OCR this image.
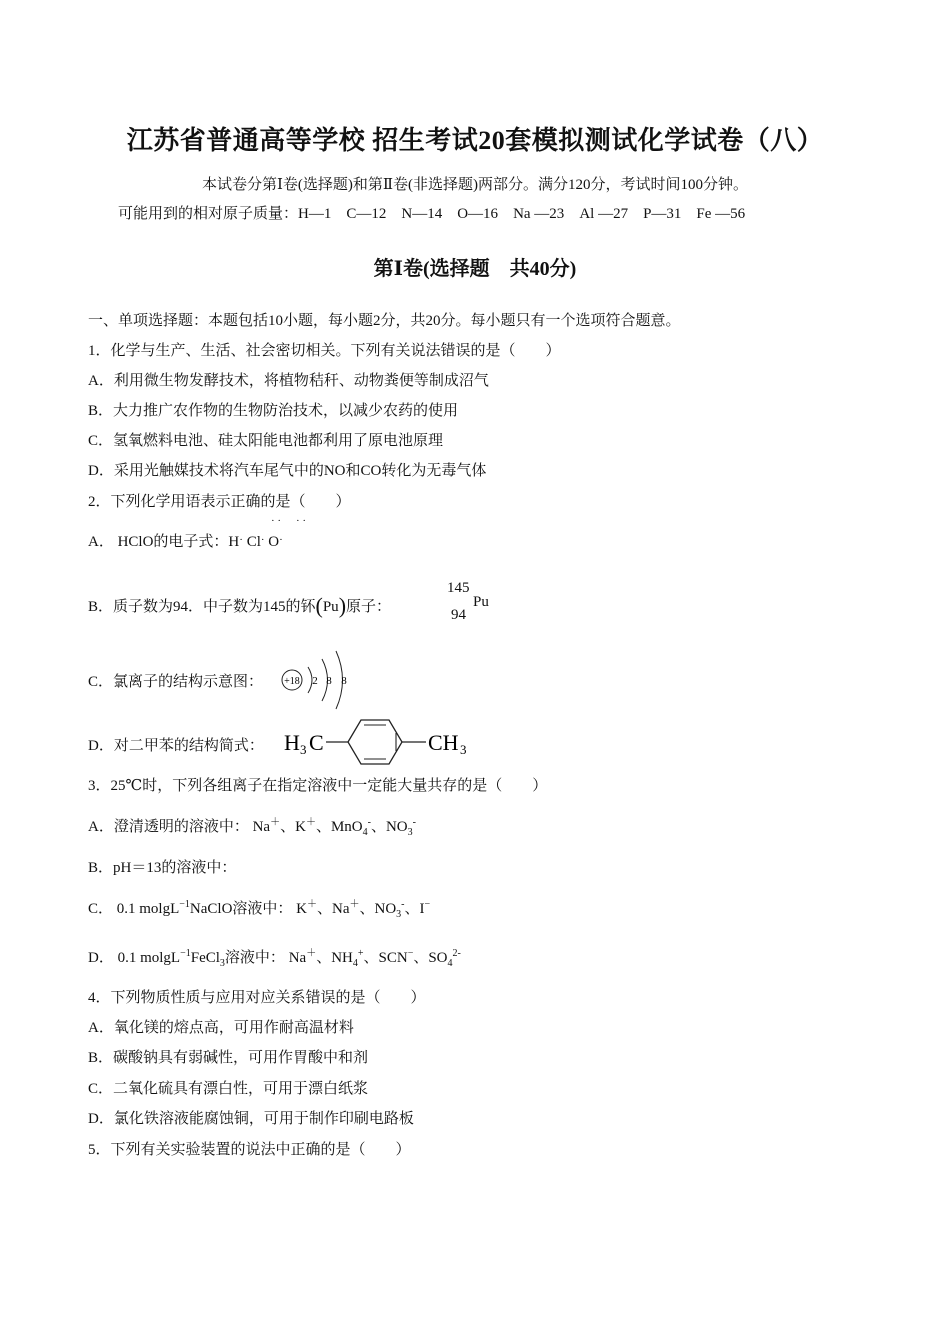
江苏省普通高等学校 招生考试20套模拟测试化学试卷（八）
本试卷分第Ⅰ卷(选择题)和第Ⅱ卷(非选择题)两部分。满分120分，考试时间100分钟。
可能用到的相对原子质量：H—1 C—12 N—14 O—16 Na —23 Al —27 P—31 Fe —56
第Ⅰ卷(选择题　共40分)
一、单项选择题：本题包括10小题，每小题2分，共20分。每小题只有一个选项符合题意。
1．化学与生产、生活、社会密切相关。下列有关说法错误的是（　　）
A．利用微生物发酵技术，将植物秸秆、动物粪便等制成沼气
B．大力推广农作物的生物防治技术，以减少农药的使用
C．氢氧燃料电池、硅太阳能电池都利用了原电池原理
D．采用光触媒技术将汽车尾气中的NO和CO转化为无毒气体
2．下列化学用语表示正确的是（　　）
A． HClO的电子式：H· Cl· O·
· · · ·
B．质子数为94．中子数为145的钚(Pu)原子：
145
94
Pu
C．氯离子的结构示意图： +18 2 8 8
D．对二甲苯的结构简式： H 3 C	CH 3
3．25℃时，下列各组离子在指定溶液中一定能大量共存的是（　　）
A．澄清透明的溶液中： Na＋、K＋、MnO$_4$-、$NO_3^-$
B．pH＝13的溶液中：
C． 0.1 molgL$^{-1}$NaClO溶液中： K＋、Na＋、$NO_3^-$、I−
D． 0.1 molgL$^{-1}$FeCl$_3$溶液中： Na＋、$NH_4^+$、SCN−、$SO_4^{2-}$
4．下列物质性质与应用对应关系错误的是（　　）
A．氧化镁的熔点高，可用作耐高温材料
B．碳酸钠具有弱碱性，可用作胃酸中和剂
C．二氧化硫具有漂白性，可用于漂白纸浆
D．氯化铁溶液能腐蚀铜，可用于制作印刷电路板
5．下列有关实验装置的说法中正确的是（　　）
